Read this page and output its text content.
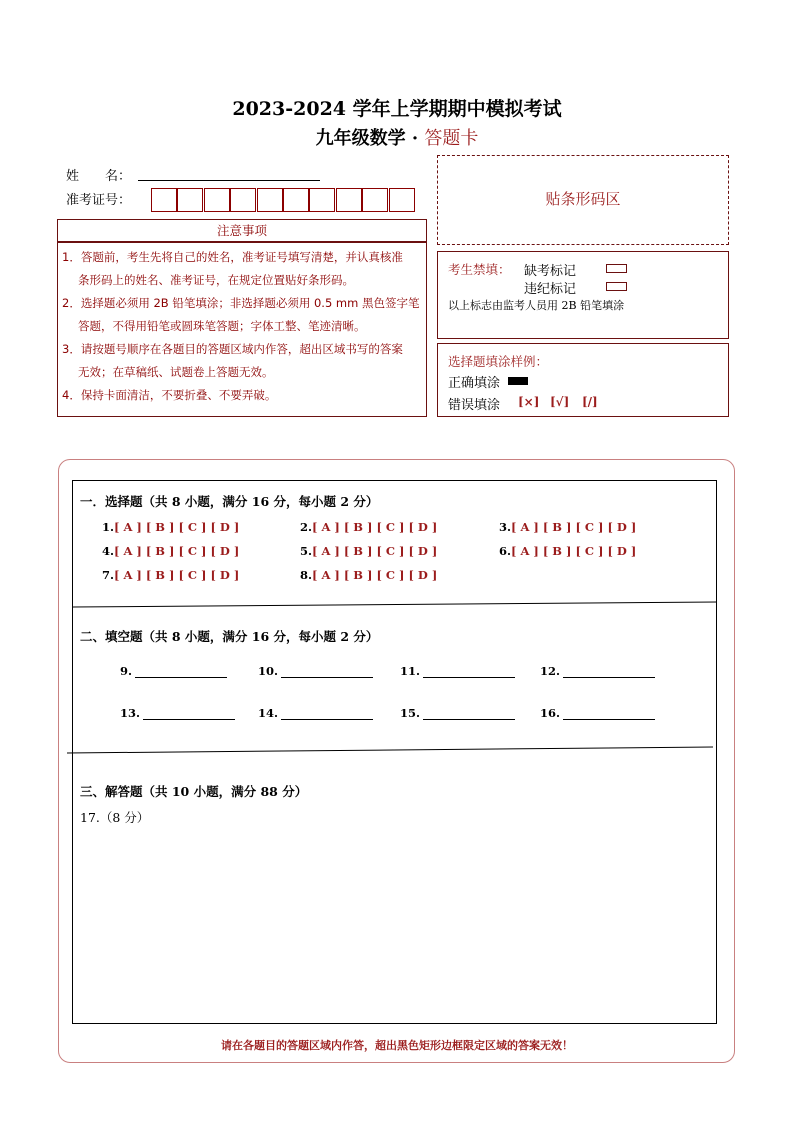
2023-2024 学年上学期期中模拟考试
九年级数学 · 答题卡
姓　　名：
准考证号：	贴条形码区
注意事项
考生禁填： 缺考标记
违纪标记
以上标志由监考人员用 2B 铅笔填涂
选择题填涂样例：
正确填涂
错误填涂 [×] [√] [/]
一．选择题（共 8 小题，满分 16 分，每小题 2 分）
二、填空题（共 8 小题，满分 16 分，每小题 2 分）
三、解答题（共 10 小题，满分 88 分）
17.（8 分）
请在各题目的答题区域内作答，超出黑色矩形边框限定区域的答案无效！
1．答题前，考生先将自己的姓名，准考证号填写清楚，并认真核准
条形码上的姓名、准考证号，在规定位置贴好条形码。
2．选择题必须用 2B 铅笔填涂；非选择题必须用 0.5 mm 黑色签字笔
答题，不得用铅笔或圆珠笔答题；字体工整、笔迹清晰。
3．请按题号顺序在各题目的答题区域内作答，超出区域书写的答案
无效；在草稿纸、试题卷上答题无效。
4．保持卡面清洁，不要折叠、不要弄破。
1.[ A ] [ B ] [ C ] [ D ]	2.[ A ] [ B ] [ C ] [ D ]	3.[ A ] [ B ] [ C ] [ D ]
4.[ A ] [ B ] [ C ] [ D ]	5.[ A ] [ B ] [ C ] [ D ]	6.[ A ] [ B ] [ C ] [ D ]
7.[ A ] [ B ] [ C ] [ D ]	8.[ A ] [ B ] [ C ] [ D ]
9.	10.	11.	12.
13.	14.	15.	16.
